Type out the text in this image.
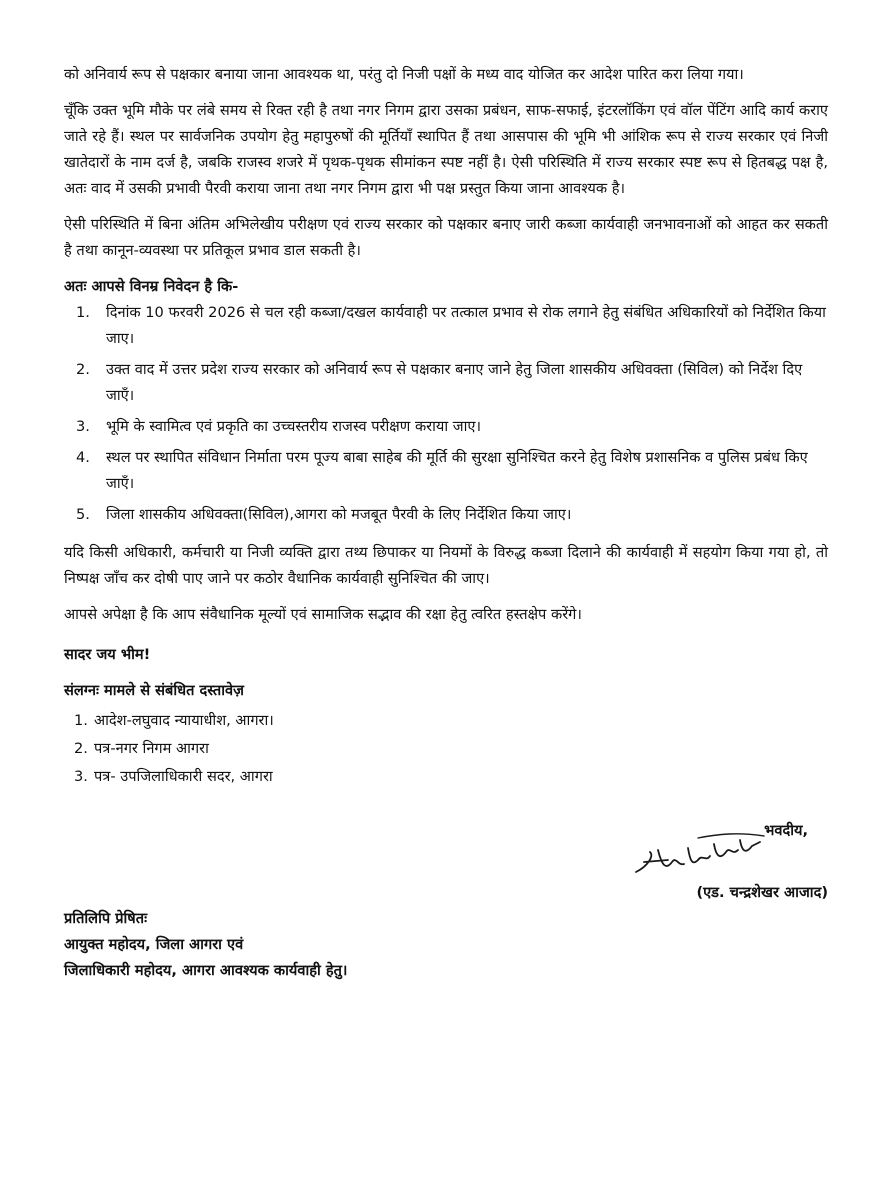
को अनिवार्य रूप से पक्षकार बनाया जाना आवश्यक था, परंतु दो निजी पक्षों के मध्य वाद योजित कर आदेश पारित करा लिया गया।

चूँकि उक्त भूमि मौके पर लंबे समय से रिक्त रही है तथा नगर निगम द्वारा उसका प्रबंधन, साफ-सफाई, इंटरलॉकिंग एवं वॉल पेंटिंग आदि कार्य कराए जाते रहे हैं। स्थल पर सार्वजनिक उपयोग हेतु महापुरुषों की मूर्तियाँ स्थापित हैं तथा आसपास की भूमि भी आंशिक रूप से राज्य सरकार एवं निजी खातेदारों के नाम दर्ज है, जबकि राजस्व शजरे में पृथक-पृथक सीमांकन स्पष्ट नहीं है। ऐसी परिस्थिति में राज्य सरकार स्पष्ट रूप से हितबद्ध पक्ष है, अतः वाद में उसकी प्रभावी पैरवी कराया जाना तथा नगर निगम द्वारा भी पक्ष प्रस्तुत किया जाना आवश्यक है।

ऐसी परिस्थिति में बिना अंतिम अभिलेखीय परीक्षण एवं राज्य सरकार को पक्षकार बनाए जारी कब्जा कार्यवाही जनभावनाओं को आहत कर सकती है तथा कानून-व्यवस्था पर प्रतिकूल प्रभाव डाल सकती है।

अतः आपसे विनम्र निवेदन है कि-
1. दिनांक 10 फरवरी 2026 से चल रही कब्जा/दखल कार्यवाही पर तत्काल प्रभाव से रोक लगाने हेतु संबंधित अधिकारियों को निर्देशित किया जाए।
2. उक्त वाद में उत्तर प्रदेश राज्य सरकार को अनिवार्य रूप से पक्षकार बनाए जाने हेतु जिला शासकीय अधिवक्ता (सिविल) को निर्देश दिए जाएँ।
3. भूमि के स्वामित्व एवं प्रकृति का उच्चस्तरीय राजस्व परीक्षण कराया जाए।
4. स्थल पर स्थापित संविधान निर्माता परम पूज्य बाबा साहेब की मूर्ति की सुरक्षा सुनिश्चित करने हेतु विशेष प्रशासनिक व पुलिस प्रबंध किए जाएँ।
5. जिला शासकीय अधिवक्ता(सिविल),आगरा को मजबूत पैरवी के लिए निर्देशित किया जाए।

यदि किसी अधिकारी, कर्मचारी या निजी व्यक्ति द्वारा तथ्य छिपाकर या नियमों के विरुद्ध कब्जा दिलाने की कार्यवाही में सहयोग किया गया हो, तो निष्पक्ष जाँच कर दोषी पाए जाने पर कठोर वैधानिक कार्यवाही सुनिश्चित की जाए।

आपसे अपेक्षा है कि आप संवैधानिक मूल्यों एवं सामाजिक सद्भाव की रक्षा हेतु त्वरित हस्तक्षेप करेंगे।

सादर जय भीम!
संलग्नः मामले से संबंधित दस्तावेज़
1. आदेश-लघुवाद न्यायाधीश, आगरा।
2. पत्र-नगर निगम आगरा
3. पत्र- उपजिलाधिकारी सदर, आगरा
भवदीय,
(एड. चन्द्रशेखर आजाद)
प्रतिलिपि प्रेषितः
आयुक्त महोदय, जिला आगरा एवं
जिलाधिकारी महोदय, आगरा आवश्यक कार्यवाही हेतु।
